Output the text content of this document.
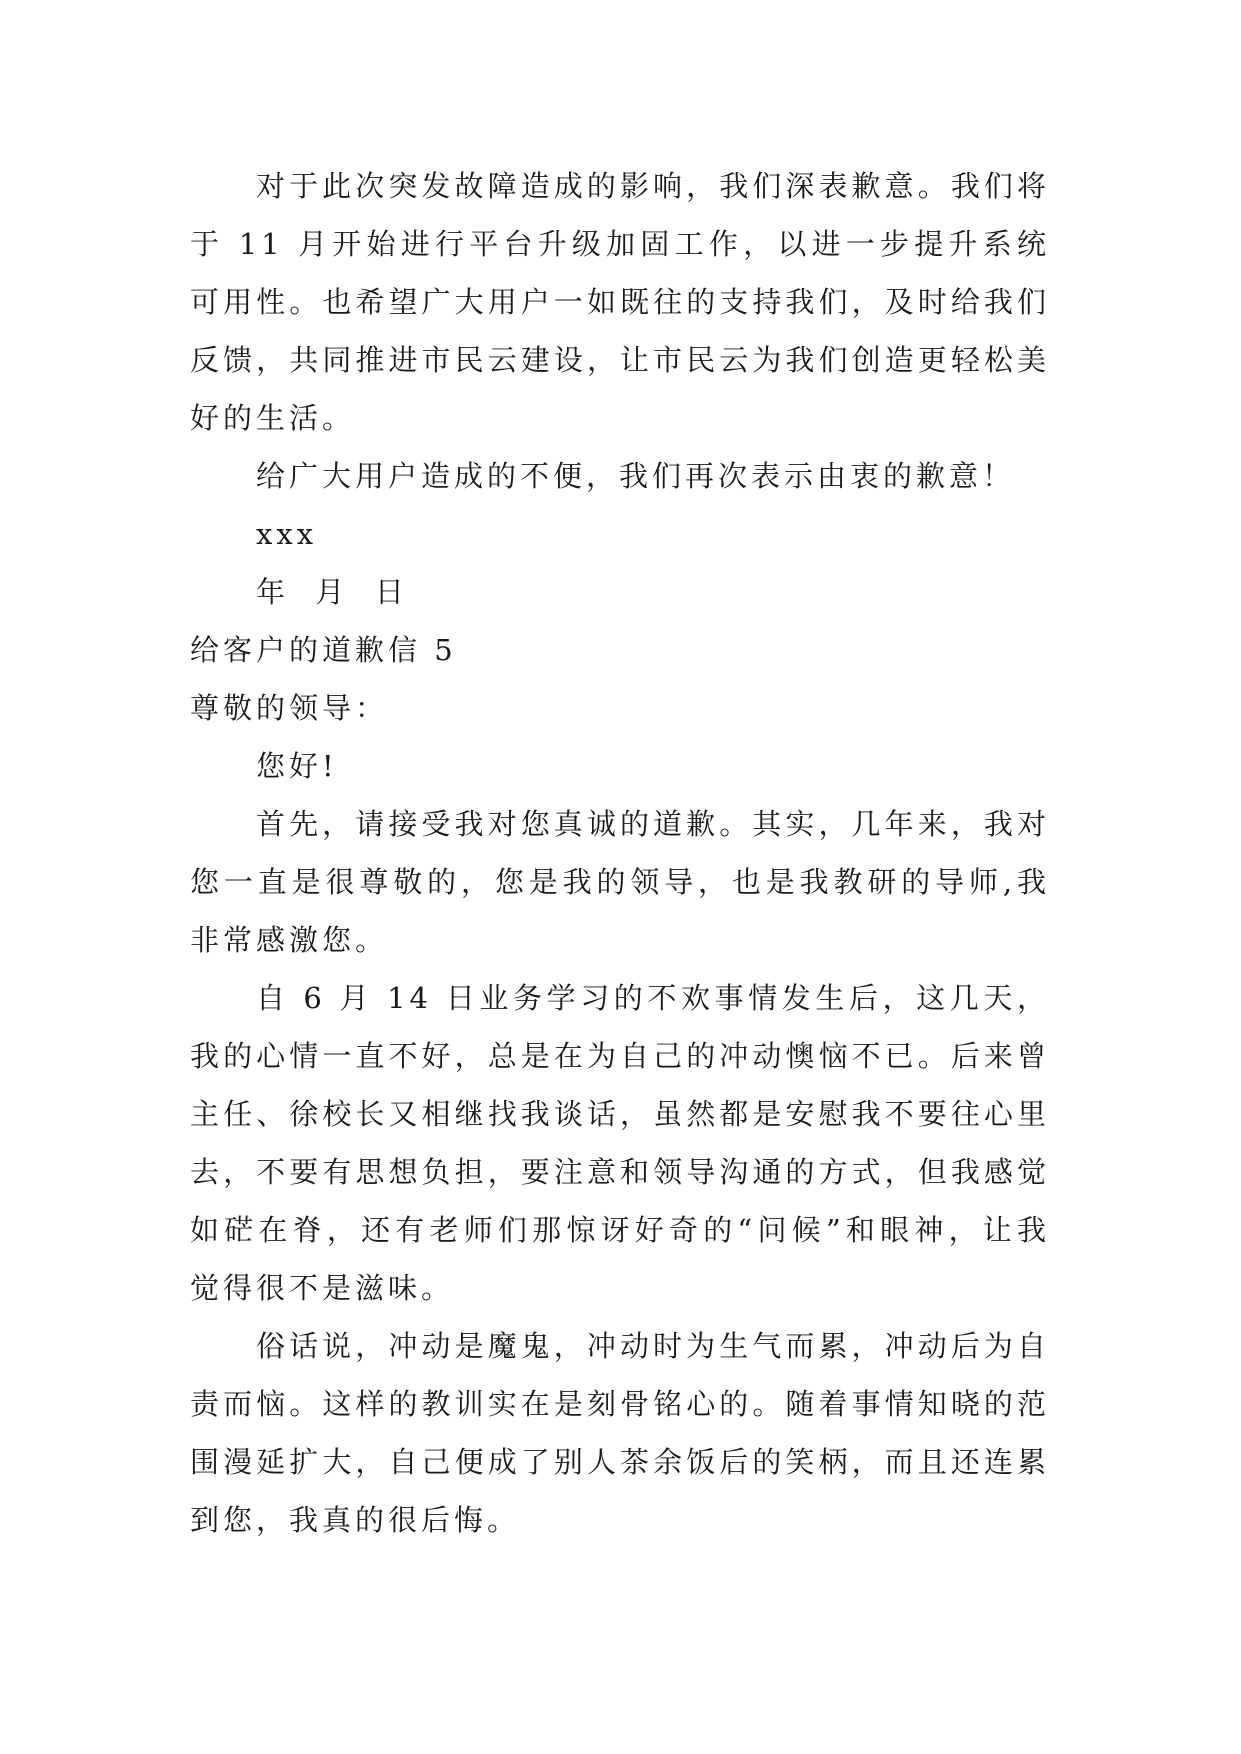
对于此次突发故障造成的影响，我们深表歉意。我们将于 11 月开始进行平台升级加固工作，以进一步提升系统可用性。也希望广大用户一如既往的支持我们，及时给我们反馈，共同推进市民云建设，让市民云为我们创造更轻松美好的生活。

给广大用户造成的不便，我们再次表示由衷的歉意！

xxx

年  月  日

给客户的道歉信 5

尊敬的领导：

您好!

首先，请接受我对您真诚的道歉。其实，几年来，我对您一直是很尊敬的，您是我的领导，也是我教研的导师,我非常感激您。

自 6 月 14 日业务学习的不欢事情发生后，这几天，我的心情一直不好，总是在为自己的冲动懊恼不已。后来曾主任、徐校长又相继找我谈话，虽然都是安慰我不要往心里去，不要有思想负担，要注意和领导沟通的方式，但我感觉如硭在脊，还有老师们那惊讶好奇的“问候”和眼神，让我觉得很不是滋味。

俗话说，冲动是魔鬼，冲动时为生气而累，冲动后为自责而恼。这样的教训实在是刻骨铭心的。随着事情知晓的范围漫延扩大，自己便成了别人茶余饭后的笑柄，而且还连累到您，我真的很后悔。
